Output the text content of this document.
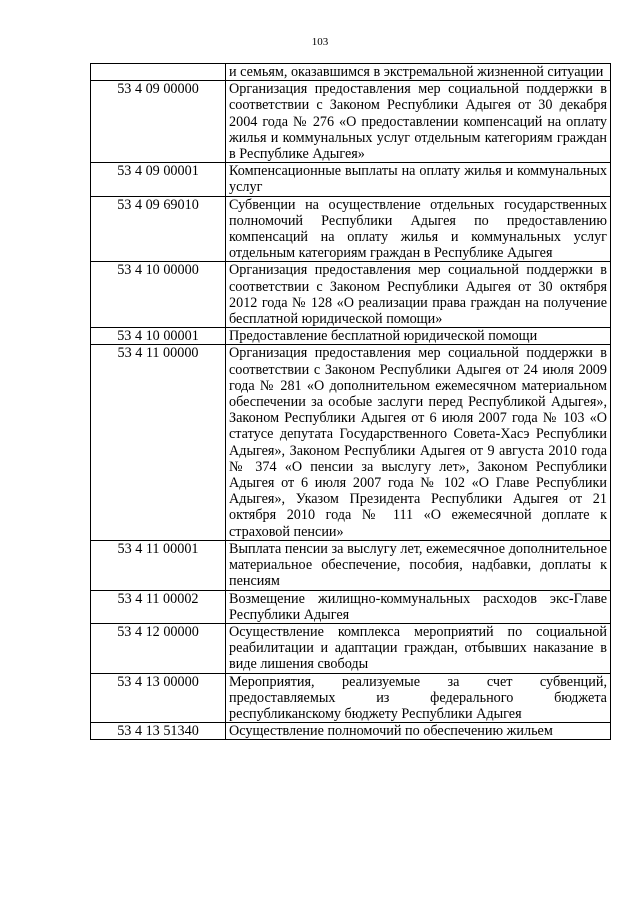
103
	и семьям, оказавшимся в экстремальной жизненной ситуации
53 4 09 00000	Организация предоставления мер социальной поддержки в соответствии с Законом Республики Адыгея от 30 декабря 2004 года № 276 «О предоставлении компенсаций на оплату жилья и коммунальных услуг отдельным категориям граждан в Республике Адыгея»
53 4 09 00001	Компенсационные выплаты на оплату жилья и коммунальных услуг
53 4 09 69010	Субвенции на осуществление отдельных государственных полномочий Республики Адыгея по предоставлению компенсаций на оплату жилья и коммунальных услуг отдельным категориям граждан в Республике Адыгея
53 4 10 00000	Организация предоставления мер социальной поддержки в соответствии с Законом Республики Адыгея от 30 октября 2012 года № 128 «О реализации права граждан на получение бесплатной юридической помощи»
53 4 10 00001	Предоставление бесплатной юридической помощи
53 4 11 00000	Организация предоставления мер социальной поддержки в соответствии с Законом Республики Адыгея от 24 июля 2009 года № 281 «О дополнительном ежемесячном материальном обеспечении за особые заслуги перед Республикой Адыгея», Законом Республики Адыгея от 6 июля 2007 года № 103 «О статусе депутата Государственного Совета-Хасэ Республики Адыгея», Законом Республики Адыгея от 9 августа 2010 года № 374 «О пенсии за выслугу лет», Законом Республики Адыгея от 6 июля 2007 года № 102 «О Главе Республики Адыгея», Указом Президента Республики Адыгея от 21 октября 2010 года № 111 «О ежемесячной доплате к страховой пенсии»
53 4 11 00001	Выплата пенсии за выслугу лет, ежемесячное дополнительное материальное обеспечение, пособия, надбавки, доплаты к пенсиям
53 4 11 00002	Возмещение жилищно-коммунальных расходов экс-Главе Республики Адыгея
53 4 12 00000	Осуществление комплекса мероприятий по социальной реабилитации и адаптации граждан, отбывших наказание в виде лишения свободы
53 4 13 00000	Мероприятия, реализуемые за счет субвенций, предоставляемых из федерального бюджета республиканскому бюджету Республики Адыгея
53 4 13 51340	Осуществление полномочий по обеспечению жильем
